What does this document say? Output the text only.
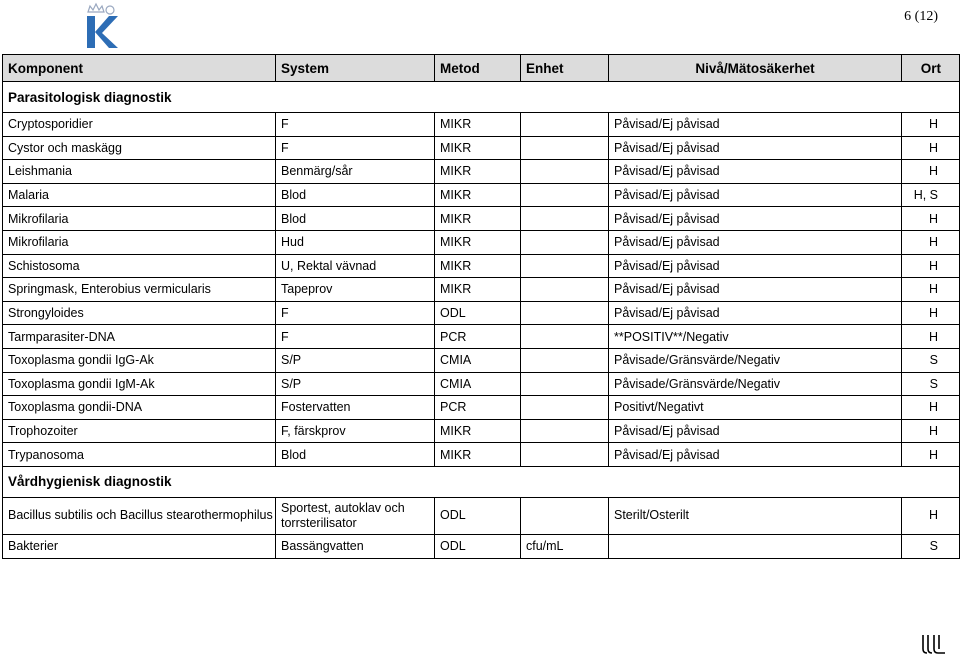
6 (12)
Komponent	System	Metod	Enhet	Nivå/Mätosäkerhet	Ort
Parasitologisk diagnostik					
Cryptosporidier	F	MIKR		Påvisad/Ej påvisad	H
Cystor och maskägg	F	MIKR		Påvisad/Ej påvisad	H
Leishmania	Benmärg/sår	MIKR		Påvisad/Ej påvisad	H
Malaria	Blod	MIKR		Påvisad/Ej påvisad	H, S
Mikrofilaria	Blod	MIKR		Påvisad/Ej påvisad	H
Mikrofilaria	Hud	MIKR		Påvisad/Ej påvisad	H
Schistosoma	U, Rektal vävnad	MIKR		Påvisad/Ej påvisad	H
Springmask, Enterobius vermicularis	Tapeprov	MIKR		Påvisad/Ej påvisad	H
Strongyloides	F	ODL		Påvisad/Ej påvisad	H
Tarmparasiter-DNA	F	PCR		**POSITIV**/Negativ	H
Toxoplasma gondii IgG-Ak	S/P	CMIA		Påvisade/Gränsvärde/Negativ	S
Toxoplasma gondii IgM-Ak	S/P	CMIA		Påvisade/Gränsvärde/Negativ	S
Toxoplasma gondii-DNA	Fostervatten	PCR		Positivt/Negativt	H
Trophozoiter	F, färskprov	MIKR		Påvisad/Ej påvisad	H
Trypanosoma	Blod	MIKR		Påvisad/Ej påvisad	H
Vårdhygienisk diagnostik					
Bacillus subtilis och Bacillus stearothermophilus	Sportest, autoklav och torrsterilisator	ODL		Sterilt/Osterilt	H
Bakterier	Bassängvatten	ODL	cfu/mL		S
